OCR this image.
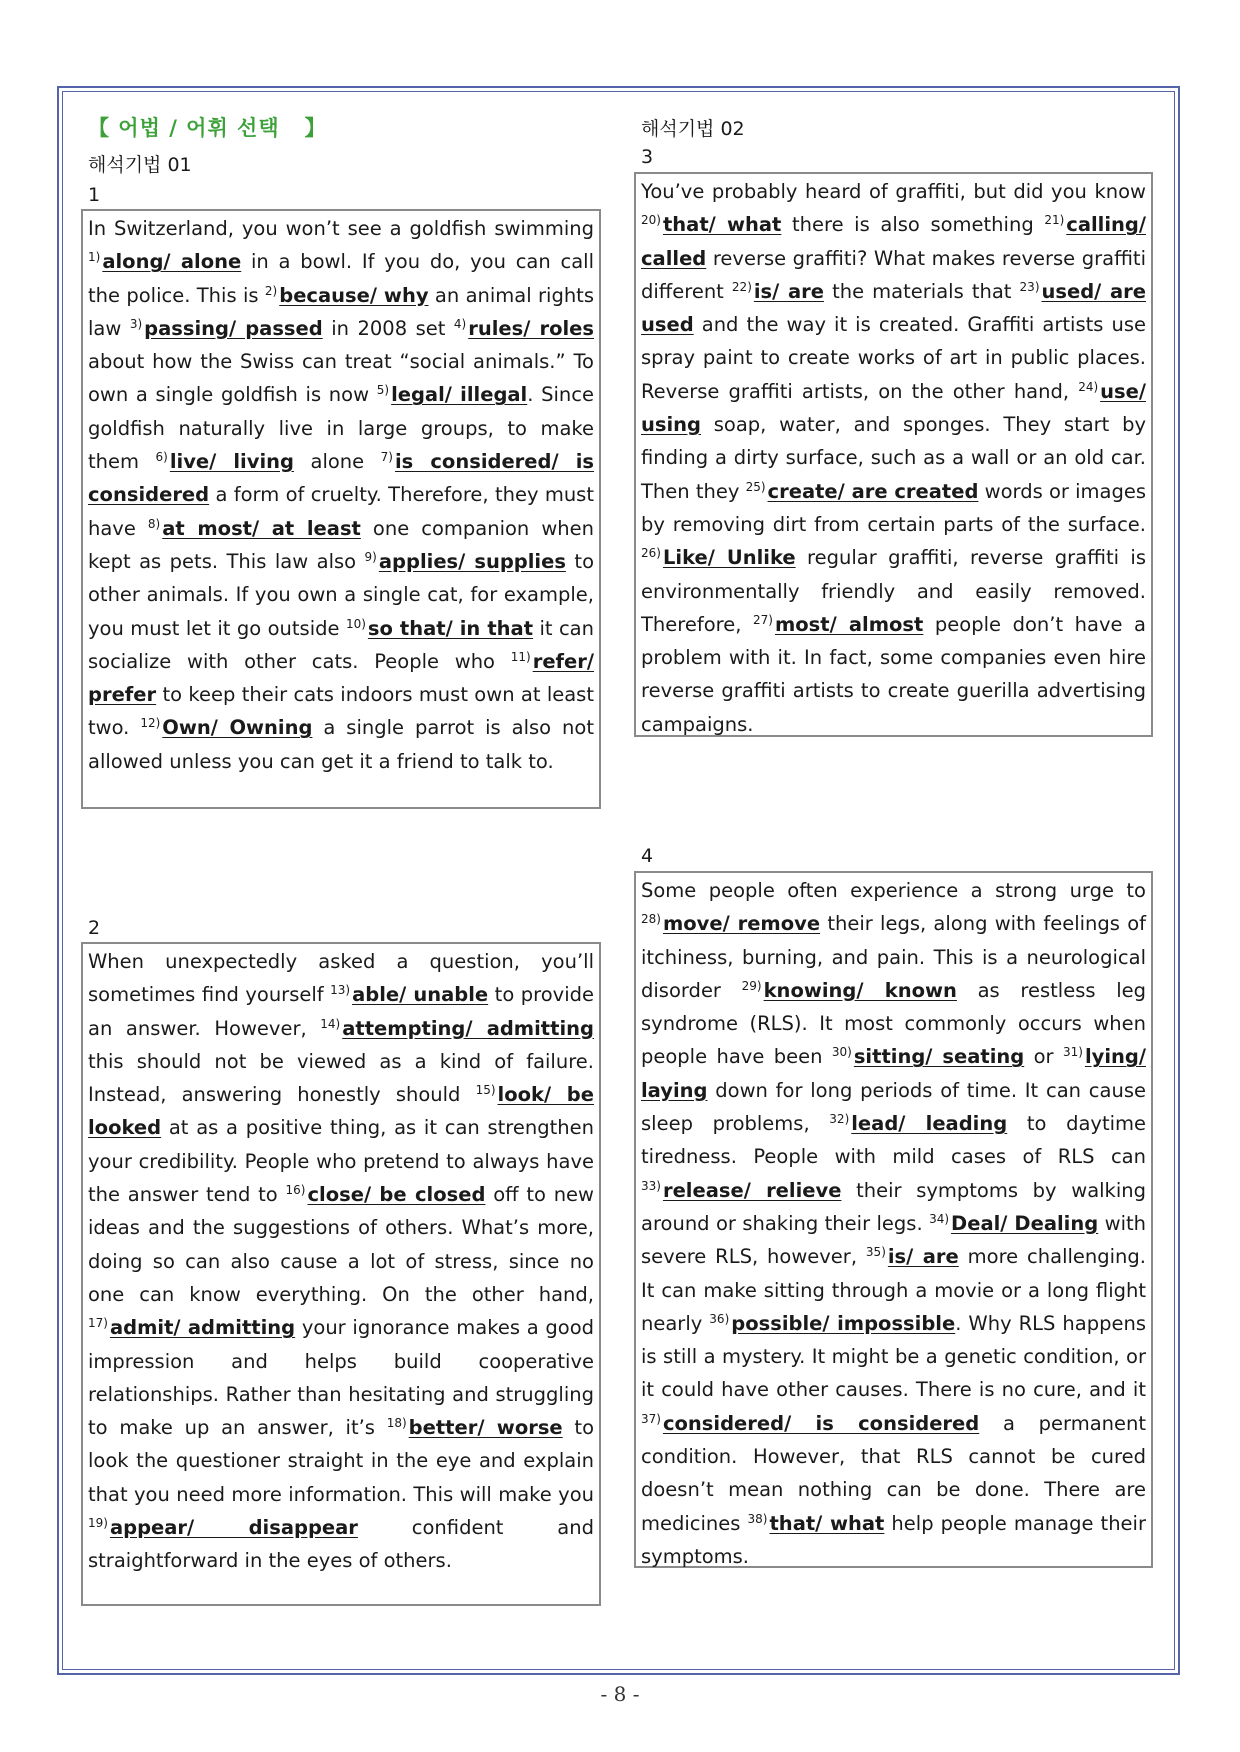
【 어법 / 어휘 선택   】
해석기법 01
해석기법 02
1
In Switzerland, you won’t see a goldfish swimming $^{1)}$ along/ alone in a bowl. If you do, you can call the police. This is $^{2)}$ because/ why an animal rights law $^{3)}$ passing/ passed in 2008 set $^{4)}$ rules/ roles about how the Swiss can treat “social animals.” To own a single goldfish is now $^{5)}$ legal/ illegal. Since goldfish naturally live in large groups, to make them $^{6)}$ live/ living alone $^{7)}$ is considered/ is considered a form of cruelty. Therefore, they must have $^{8)}$ at most/ at least one companion when kept as pets. This law also $^{9)}$ applies/ supplies to other animals. If you own a single cat, for example, you must let it go outside $^{10)}$ so that/ in that it can socialize with other cats. People who $^{11)}$ refer/ prefer to keep their cats indoors must own at least two. $^{12)}$ Own/ Owning a single parrot is also not allowed unless you can get it a friend to talk to.
2
When unexpectedly asked a question, you’ll sometimes find yourself $^{13)}$ able/ unable to provide an answer. However, $^{14)}$ attempting/ admitting this should not be viewed as a kind of failure. Instead, answering honestly should $^{15)}$ look/ be looked at as a positive thing, as it can strengthen your credibility. People who pretend to always have the answer tend to $^{16)}$ close/ be closed off to new ideas and the suggestions of others. What’s more, doing so can also cause a lot of stress, since no one can know everything. On the other hand, $^{17)}$ admit/ admitting your ignorance makes a good impression and helps build cooperative relationships. Rather than hesitating and struggling to make up an answer, it’s $^{18)}$ better/ worse to look the questioner straight in the eye and explain that you need more information. This will make you $^{19)}$ appear/ disappear confident and straightforward in the eyes of others.
3
You’ve probably heard of graffiti, but did you know $^{20)}$ that/ what there is also something $^{21)}$ calling/ called reverse graffiti? What makes reverse graffiti different $^{22)}$ is/ are the materials that $^{23)}$ used/ are used and the way it is created. Graffiti artists use spray paint to create works of art in public places. Reverse graffiti artists, on the other hand, $^{24)}$ use/ using soap, water, and sponges. They start by finding a dirty surface, such as a wall or an old car. Then they $^{25)}$ create/ are created words or images by removing dirt from certain parts of the surface. $^{26)}$ Like/ Unlike regular graffiti, reverse graffiti is environmentally friendly and easily removed. Therefore, $^{27)}$ most/ almost people don’t have a problem with it. In fact, some companies even hire reverse graffiti artists to create guerilla advertising campaigns.
4
Some people often experience a strong urge to $^{28)}$ move/ remove their legs, along with feelings of itchiness, burning, and pain. This is a neurological disorder $^{29)}$ knowing/ known as restless leg syndrome (RLS). It most commonly occurs when people have been $^{30)}$ sitting/ seating or $^{31)}$ lying/ laying down for long periods of time. It can cause sleep problems, $^{32)}$ lead/ leading to daytime tiredness. People with mild cases of RLS can $^{33)}$ release/ relieve their symptoms by walking around or shaking their legs. $^{34)}$ Deal/ Dealing with severe RLS, however, $^{35)}$ is/ are more challenging. It can make sitting through a movie or a long flight nearly $^{36)}$ possible/ impossible. Why RLS happens is still a mystery. It might be a genetic condition, or it could have other causes. There is no cure, and it $^{37)}$ considered/ is considered a permanent condition. However, that RLS cannot be cured doesn’t mean nothing can be done. There are medicines $^{38)}$ that/ what help people manage their symptoms.
- 8 -
